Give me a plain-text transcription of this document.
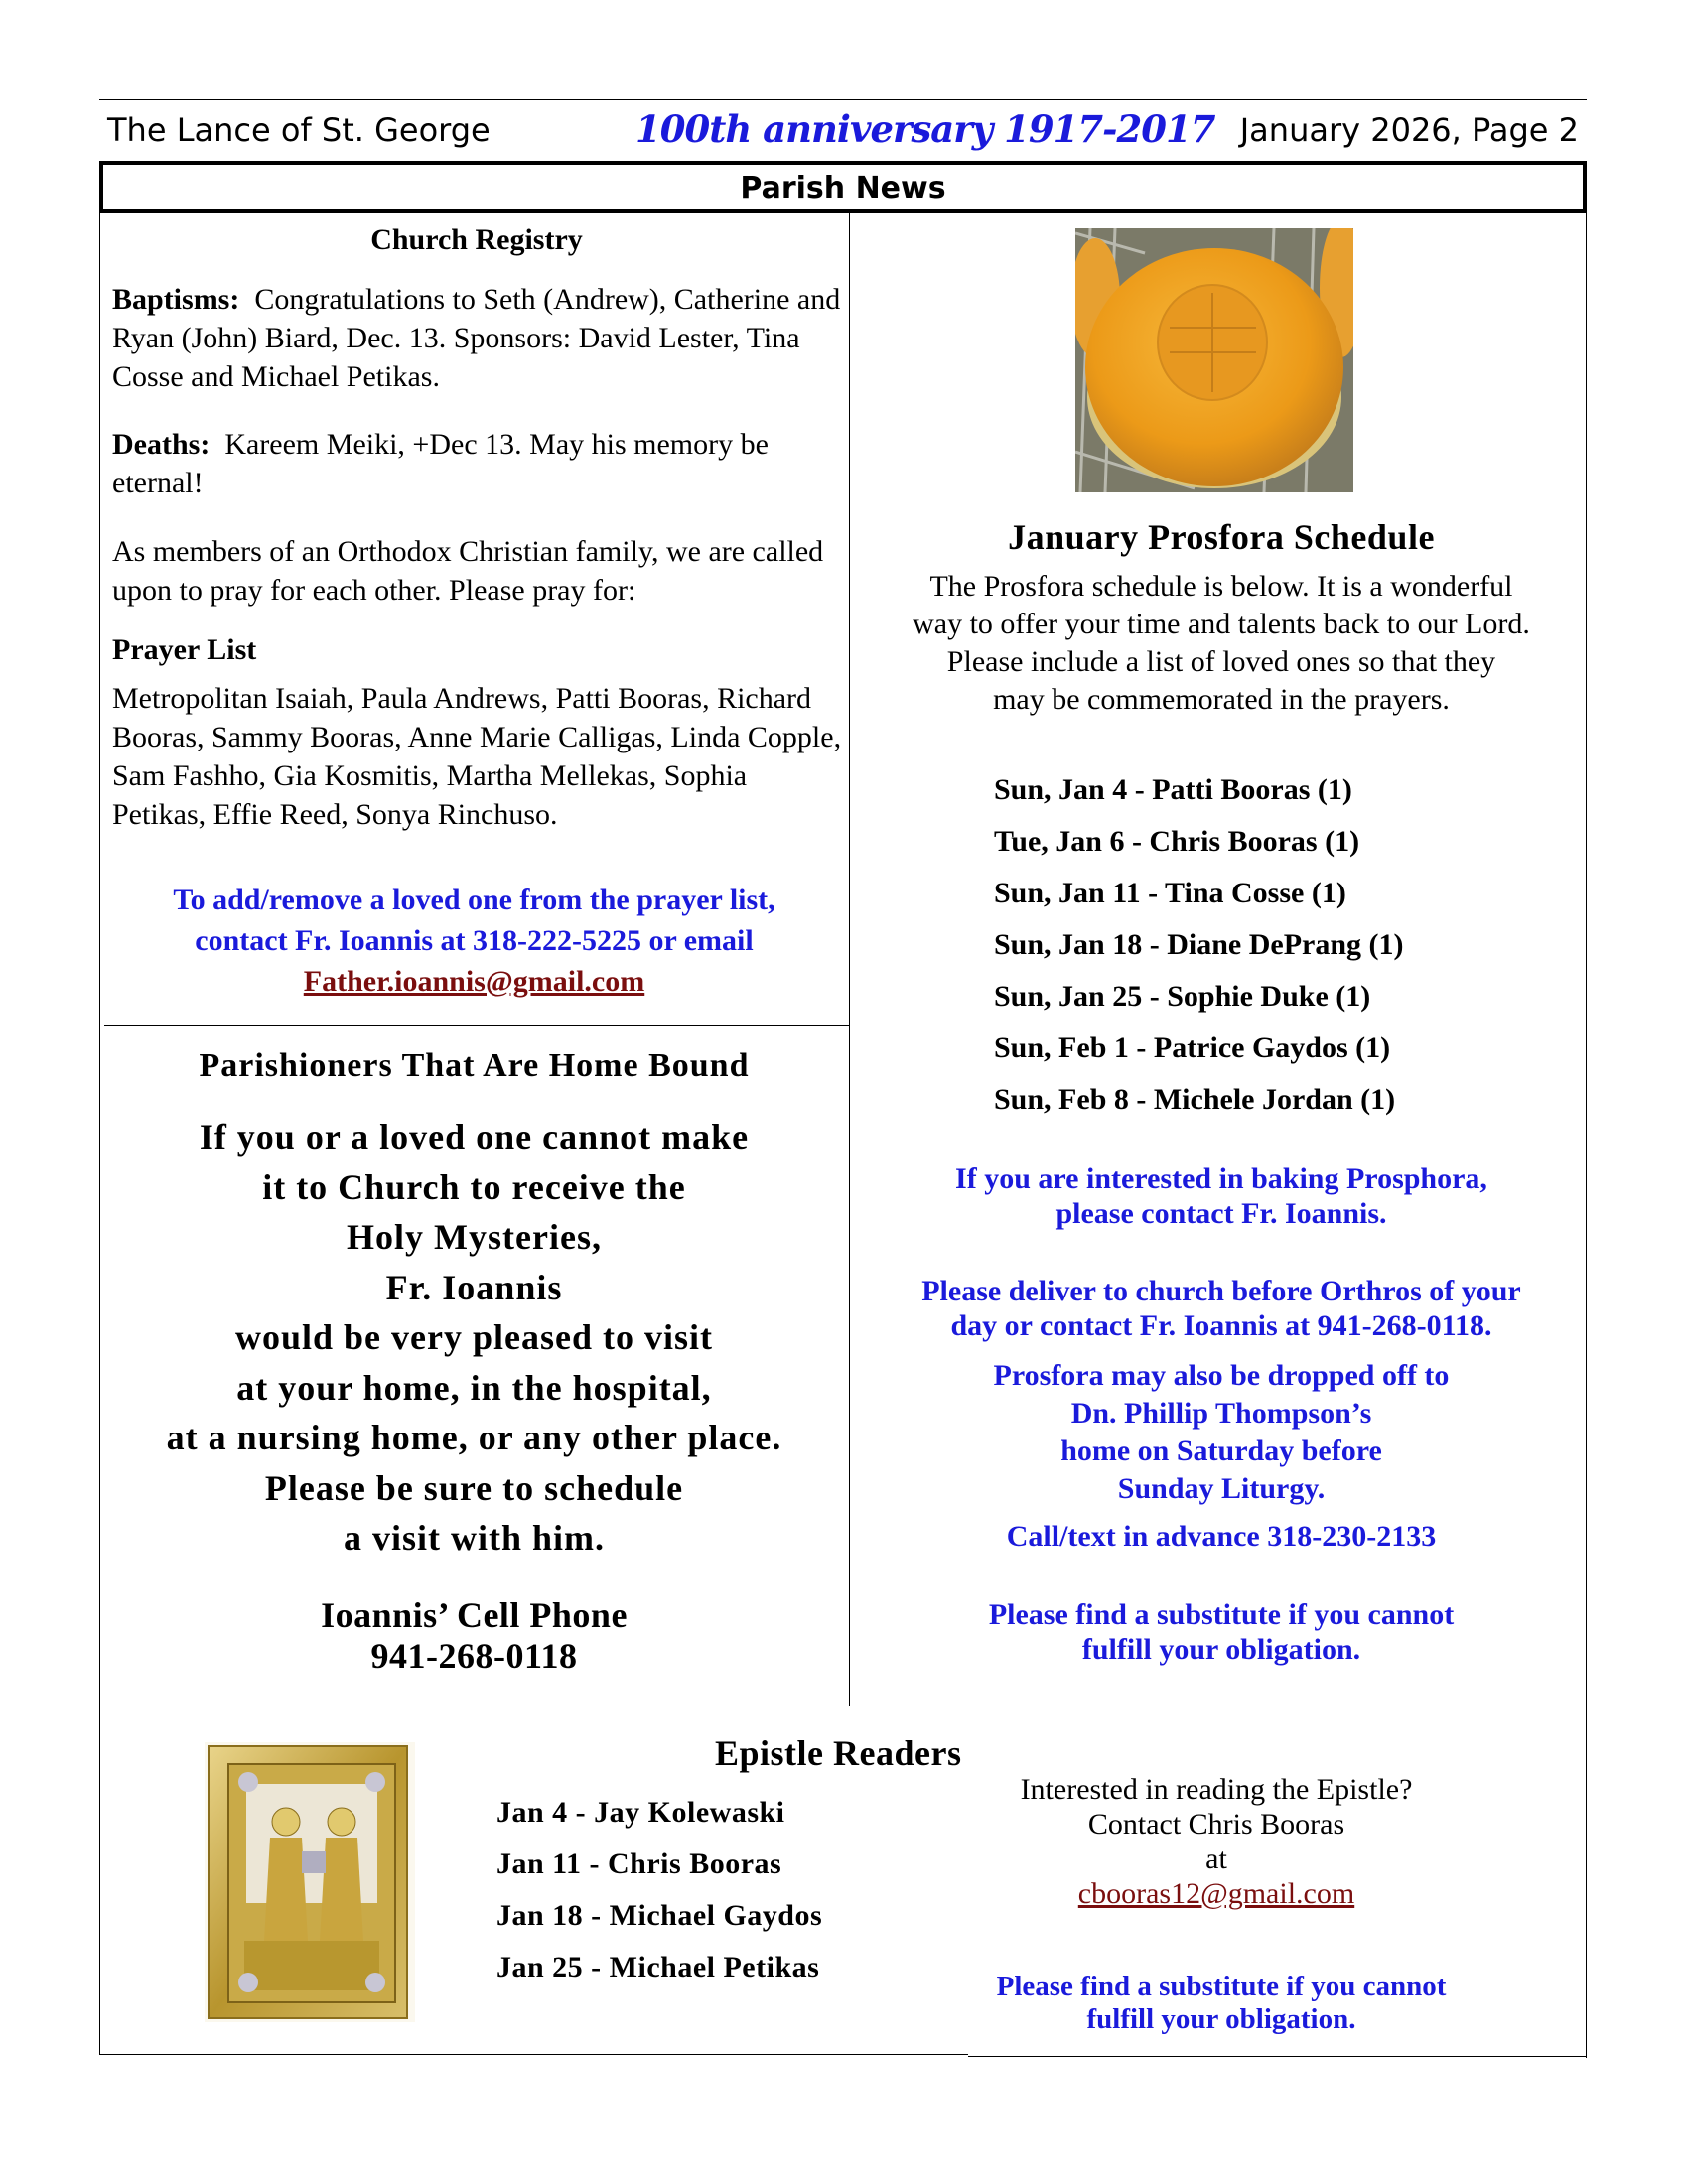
The Lance of St. George	100th anniversary 1917-2017 January 2026, Page 2
Parish News
Church Registry
Baptisms: Congratulations to Seth (Andrew), Catherine and Ryan (John) Biard, Dec. 13. Sponsors: David Lester, Tina Cosse and Michael Petikas.
Deaths: Kareem Meiki, +Dec 13. May his memory be eternal!
As members of an Orthodox Christian family, we are called upon to pray for each other. Please pray for:
Prayer List
Metropolitan Isaiah, Paula Andrews, Patti Booras, Richard Booras, Sammy Booras, Anne Marie Calligas, Linda Copple, Sam Fashho, Gia Kosmitis, Martha Mellekas, Sophia Petikas, Effie Reed, Sonya Rinchuso.
To add/remove a loved one from the prayer list,
contact Fr. Ioannis at 318-222-5225 or email
Father.ioannis@gmail.com
Parishioners That Are Home Bound
If you or a loved one cannot make
it to Church to receive the
Holy Mysteries,
Fr. Ioannis
would be very pleased to visit
at your home, in the hospital,
at a nursing home, or any other place.
Please be sure to schedule
a visit with him.
Ioannis’ Cell Phone
941-268-0118
January Prosfora Schedule
The Prosfora schedule is below. It is a wonderful
way to offer your time and talents back to our Lord.
Please include a list of loved ones so that they
may be commemorated in the prayers.
Sun, Jan 4 - Patti Booras (1)
Tue, Jan 6 - Chris Booras (1)
Sun, Jan 11 - Tina Cosse (1)
Sun, Jan 18 - Diane DePrang (1)
Sun, Jan 25 - Sophie Duke (1)
Sun, Feb 1 - Patrice Gaydos (1)
Sun, Feb 8 - Michele Jordan (1)
If you are interested in baking Prosphora,
please contact Fr. Ioannis.
Please deliver to church before Orthros of your
day or contact Fr. Ioannis at 941-268-0118.
Prosfora may also be dropped off to
Dn. Phillip Thompson’s
home on Saturday before
Sunday Liturgy.
Call/text in advance 318-230-2133
Please find a substitute if you cannot
fulfill your obligation.
Epistle Readers
Jan 4 - Jay Kolewaski
Jan 11 - Chris Booras
Jan 18 - Michael Gaydos
Jan 25 - Michael Petikas
Interested in reading the Epistle?
Contact Chris Booras
at
cbooras12@gmail.com
Please find a substitute if you cannot
fulfill your obligation.
